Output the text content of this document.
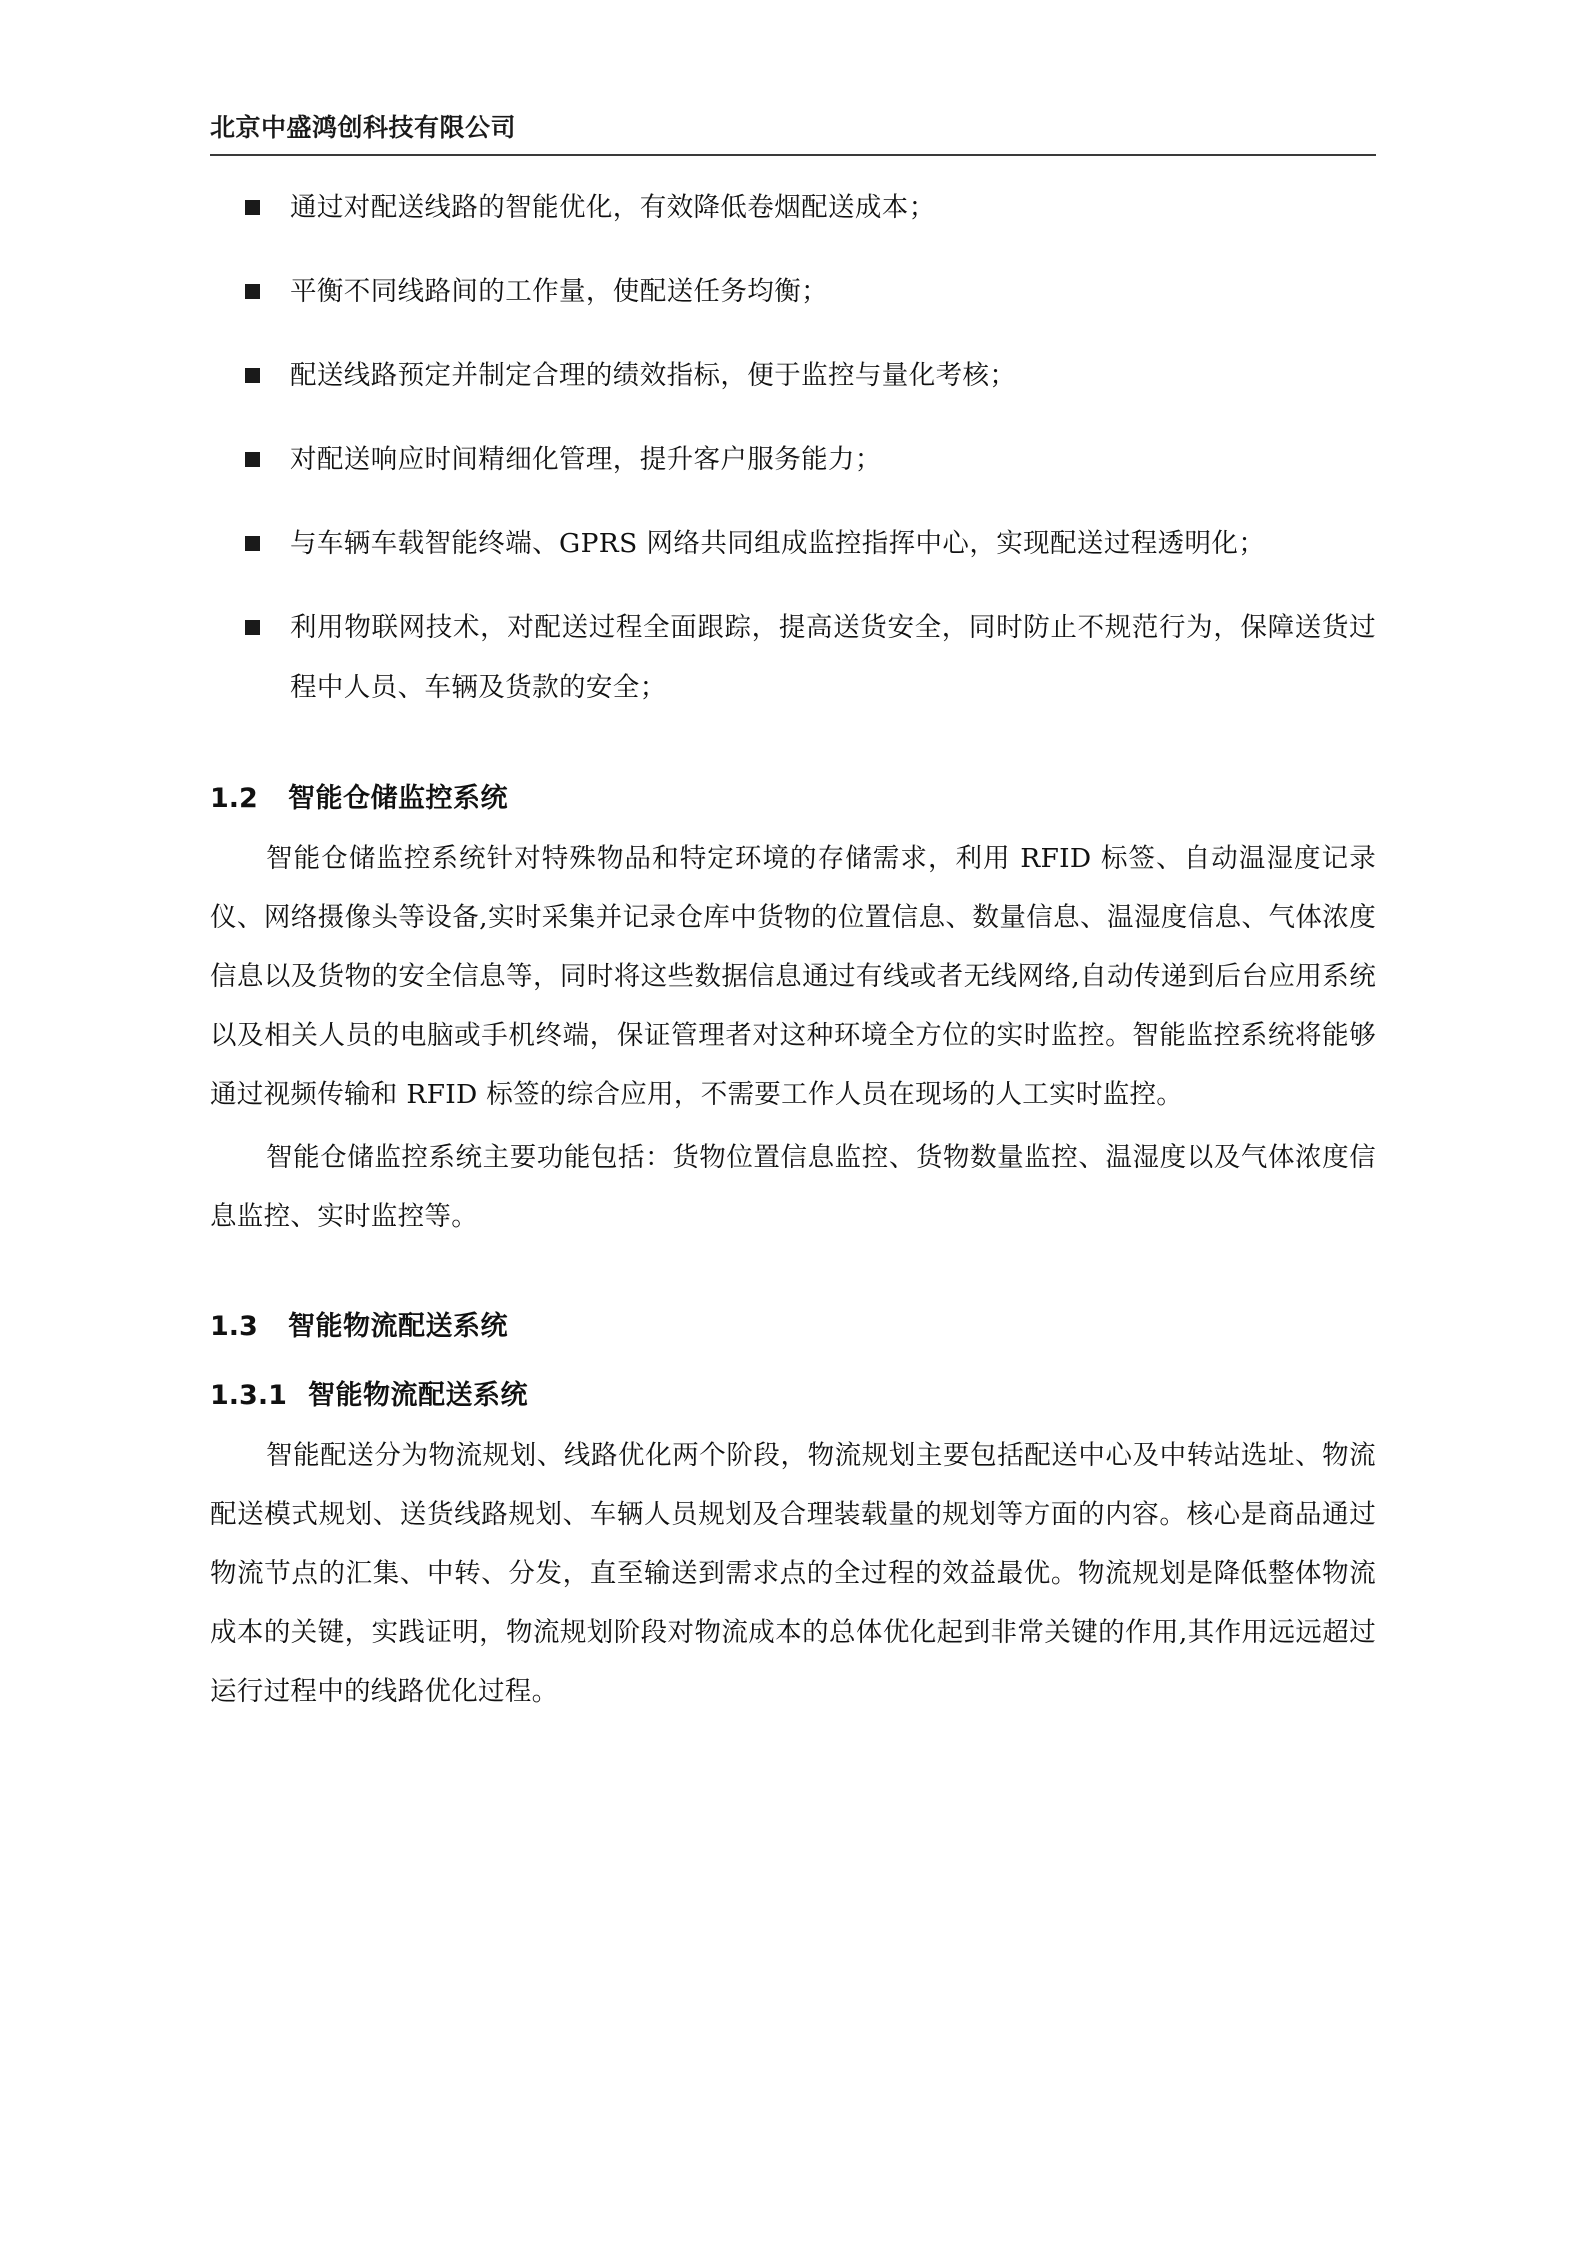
北京中盛鸿创科技有限公司
通过对配送线路的智能优化，有效降低卷烟配送成本；
平衡不同线路间的工作量，使配送任务均衡；
配送线路预定并制定合理的绩效指标，便于监控与量化考核；
对配送响应时间精细化管理，提升客户服务能力；
与车辆车载智能终端、GPRS 网络共同组成监控指挥中心，实现配送过程透明化；
利用物联网技术，对配送过程全面跟踪，提高送货安全，同时防止不规范行为，保障送货过程中人员、车辆及货款的安全；
1.2	智能仓储监控系统

智能仓储监控系统针对特殊物品和特定环境的存储需求，利用 RFID 标签、自动温湿度记录仪、网络摄像头等设备,实时采集并记录仓库中货物的位置信息、数量信息、温湿度信息、气体浓度信息以及货物的安全信息等，同时将这些数据信息通过有线或者无线网络,自动传递到后台应用系统以及相关人员的电脑或手机终端，保证管理者对这种环境全方位的实时监控。智能监控系统将能够通过视频传输和 RFID 标签的综合应用，不需要工作人员在现场的人工实时监控。

智能仓储监控系统主要功能包括：货物位置信息监控、货物数量监控、温湿度以及气体浓度信息监控、实时监控等。

1.3	智能物流配送系统
1.3.1 智能物流配送系统

智能配送分为物流规划、线路优化两个阶段，物流规划主要包括配送中心及中转站选址、物流配送模式规划、送货线路规划、车辆人员规划及合理装载量的规划等方面的内容。核心是商品通过物流节点的汇集、中转、分发，直至输送到需求点的全过程的效益最优。物流规划是降低整体物流成本的关键，实践证明，物流规划阶段对物流成本的总体优化起到非常关键的作用,其作用远远超过运行过程中的线路优化过程。
